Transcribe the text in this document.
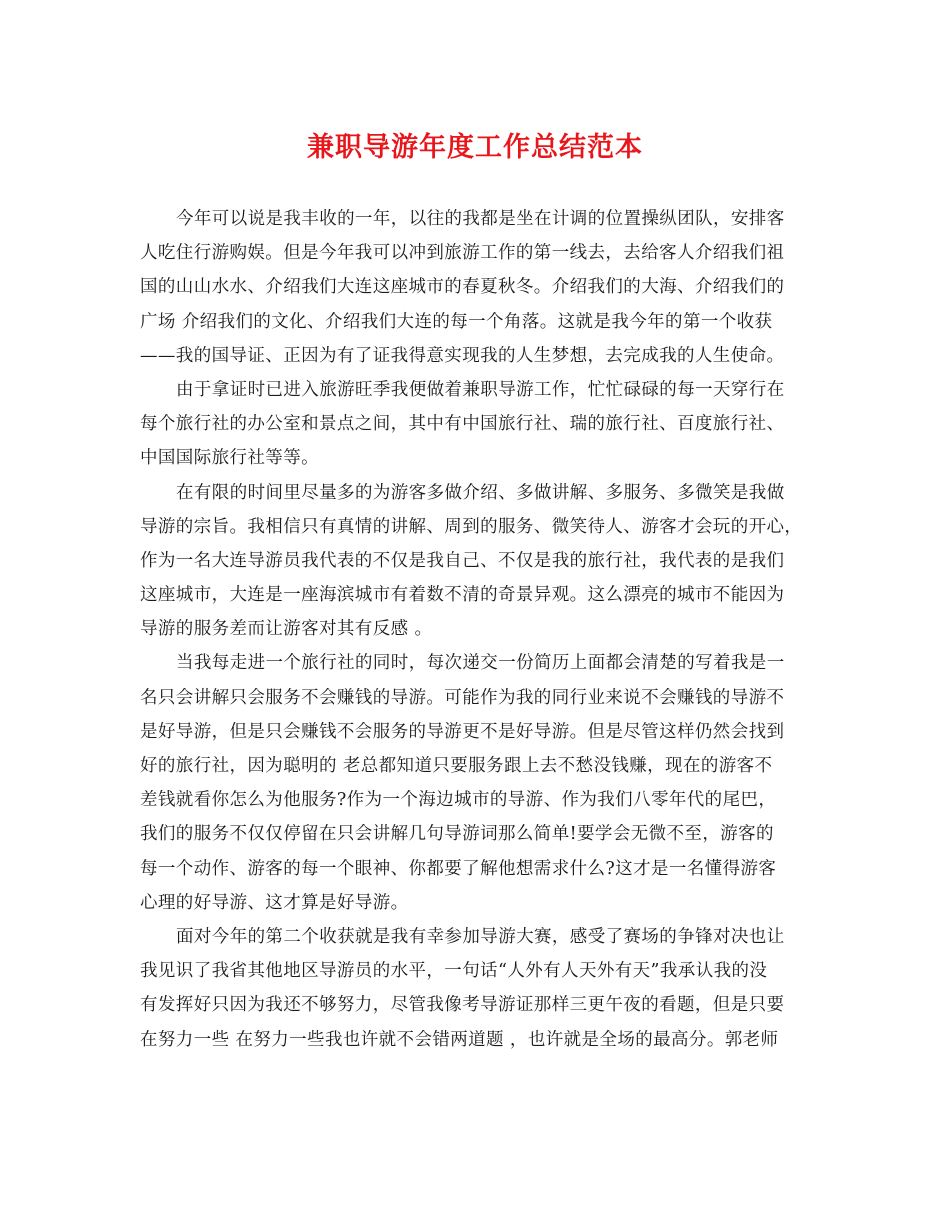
兼职导游年度工作总结范本
今年可以说是我丰收的一年，以往的我都是坐在计调的位置操纵团队，安排客
人吃住行游购娱。但是今年我可以冲到旅游工作的第一线去，去给客人介绍我们祖
国的山山水水、介绍我们大连这座城市的春夏秋冬。介绍我们的大海、介绍我们的
广场 介绍我们的文化、介绍我们大连的每一个角落。这就是我今年的第一个收获
——我的国导证、正因为有了证我得意实现我的人生梦想，去完成我的人生使命。
由于拿证时已进入旅游旺季我便做着兼职导游工作，忙忙碌碌的每一天穿行在
每个旅行社的办公室和景点之间，其中有中国旅行社、瑞的旅行社、百度旅行社、
中国国际旅行社等等。
在有限的时间里尽量多的为游客多做介绍、多做讲解、多服务、多微笑是我做
导游的宗旨。我相信只有真情的讲解、周到的服务、微笑待人、游客才会玩的开心，
作为一名大连导游员我代表的不仅是我自己、不仅是我的旅行社，我代表的是我们
这座城市，大连是一座海滨城市有着数不清的奇景异观。这么漂亮的城市不能因为
导游的服务差而让游客对其有反感 。
当我每走进一个旅行社的同时，每次递交一份简历上面都会清楚的写着我是一
名只会讲解只会服务不会赚钱的导游。可能作为我的同行业来说不会赚钱的导游不
是好导游，但是只会赚钱不会服务的导游更不是好导游。但是尽管这样仍然会找到
好的旅行社，因为聪明的 老总都知道只要服务跟上去不愁没钱赚，现在的游客不
差钱就看你怎么为他服务?作为一个海边城市的导游、作为我们八零年代的尾巴，
我们的服务不仅仅停留在只会讲解几句导游词那么简单!要学会无微不至，游客的
每一个动作、游客的每一个眼神、你都要了解他想需求什么?这才是一名懂得游客
心理的好导游、这才算是好导游。
面对今年的第二个收获就是我有幸参加导游大赛，感受了赛场的争锋对决也让
我见识了我省其他地区导游员的水平，一句话“人外有人天外有天”我承认我的没
有发挥好只因为我还不够努力，尽管我像考导游证那样三更午夜的看题，但是只要
在努力一些 在努力一些我也许就不会错两道题 ，也许就是全场的最高分。郭老师
